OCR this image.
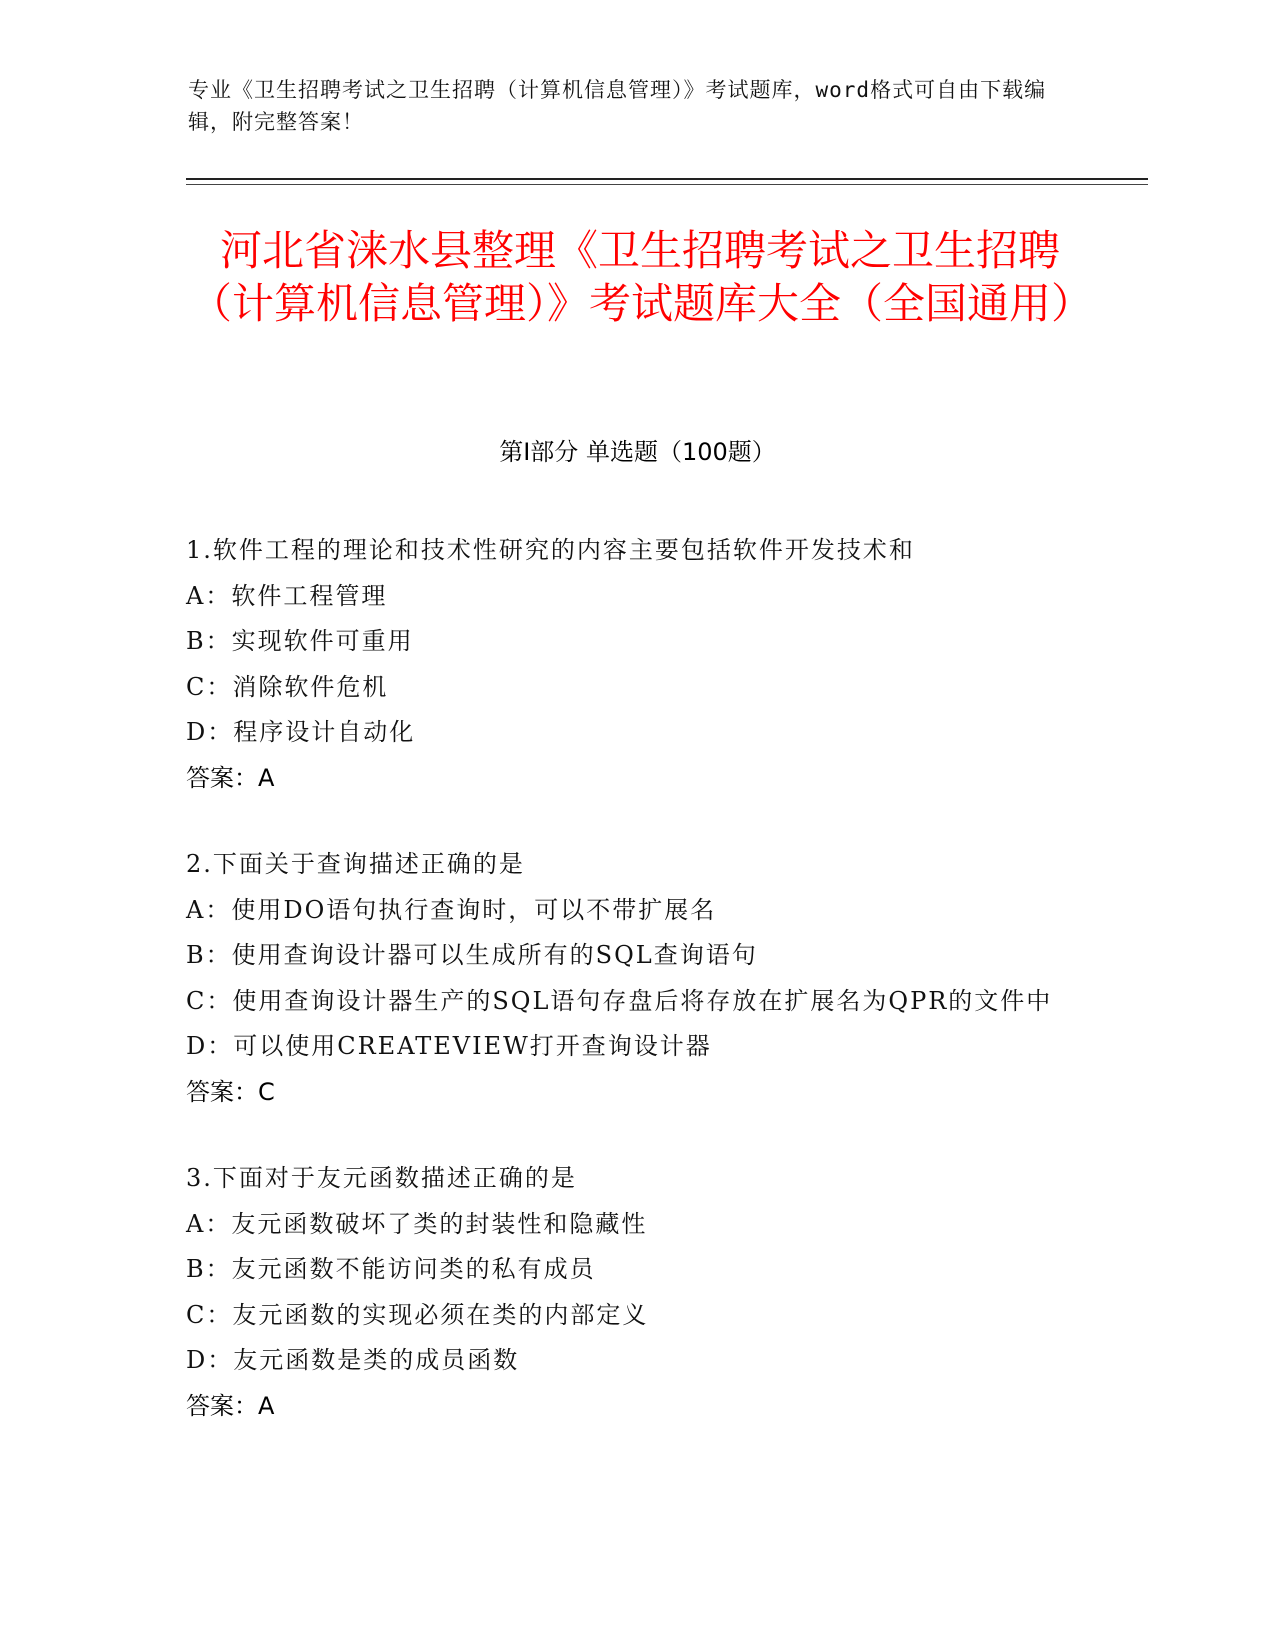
专业《卫生招聘考试之卫生招聘（计算机信息管理）》考试题库，word格式可自由下载编辑，附完整答案！
河北省涞水县整理《卫生招聘考试之卫生招聘（计算机信息管理）》考试题库大全（全国通用）
第I部分 单选题（100题）
1.软件工程的理论和技术性研究的内容主要包括软件开发技术和
A：软件工程管理
B：实现软件可重用
C：消除软件危机
D：程序设计自动化
答案：A
2.下面关于查询描述正确的是
A：使用DO语句执行查询时，可以不带扩展名
B：使用查询设计器可以生成所有的SQL查询语句
C：使用查询设计器生产的SQL语句存盘后将存放在扩展名为QPR的文件中
D：可以使用CREATEVIEW打开查询设计器
答案：C
3.下面对于友元函数描述正确的是
A：友元函数破坏了类的封装性和隐藏性
B：友元函数不能访问类的私有成员
C：友元函数的实现必须在类的内部定义
D：友元函数是类的成员函数
答案：A
